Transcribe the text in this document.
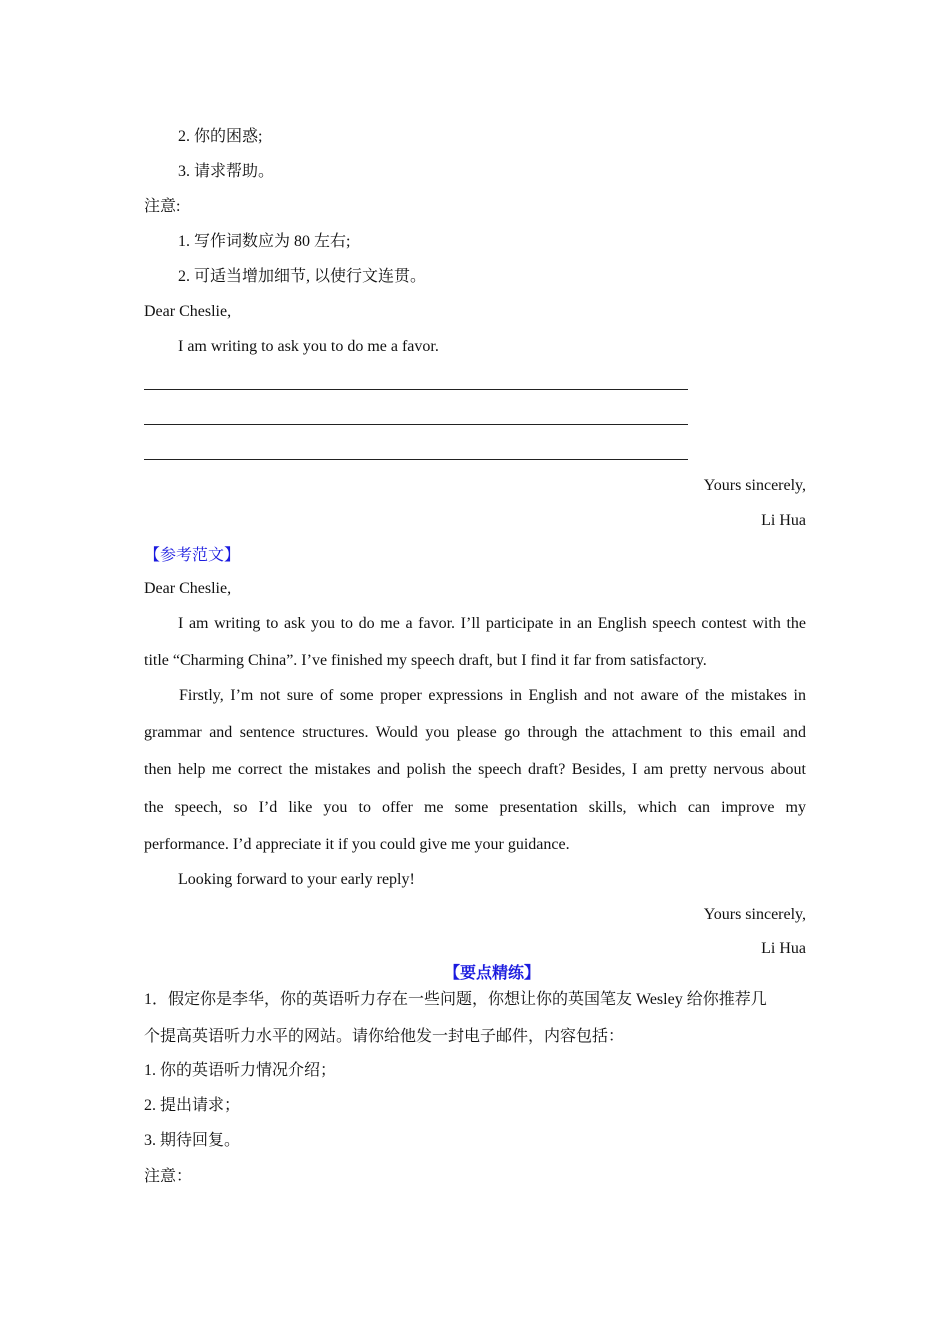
2. 你的困惑;
3. 请求帮助。
注意:
1. 写作词数应为 80 左右;
2. 可适当增加细节, 以使行文连贯。
Dear Cheslie,
I am writing to ask you to do me a favor.
Yours sincerely,
Li Hua
【参考范文】
Dear Cheslie,
I am writing to ask you to do me a favor. I’ll participate in an English speech contest with the
title “Charming China”. I’ve finished my speech draft, but I find it far from satisfactory.
Firstly, I’m not sure of some proper expressions in English and not aware of the mistakes in
grammar and sentence structures. Would you please go through the attachment to this email and
then help me correct the mistakes and polish the speech draft? Besides, I am pretty nervous about
the speech, so I’d like you to offer me some presentation skills, which can improve my
performance. I’d appreciate it if you could give me your guidance.
Looking forward to your early reply!
Yours sincerely,
Li Hua
【要点精练】
1．假定你是李华，你的英语听力存在一些问题，你想让你的英国笔友 Wesley 给你推荐几
个提高英语听力水平的网站。请你给他发一封电子邮件，内容包括：
1. 你的英语听力情况介绍；
2. 提出请求；
3. 期待回复。
注意：
